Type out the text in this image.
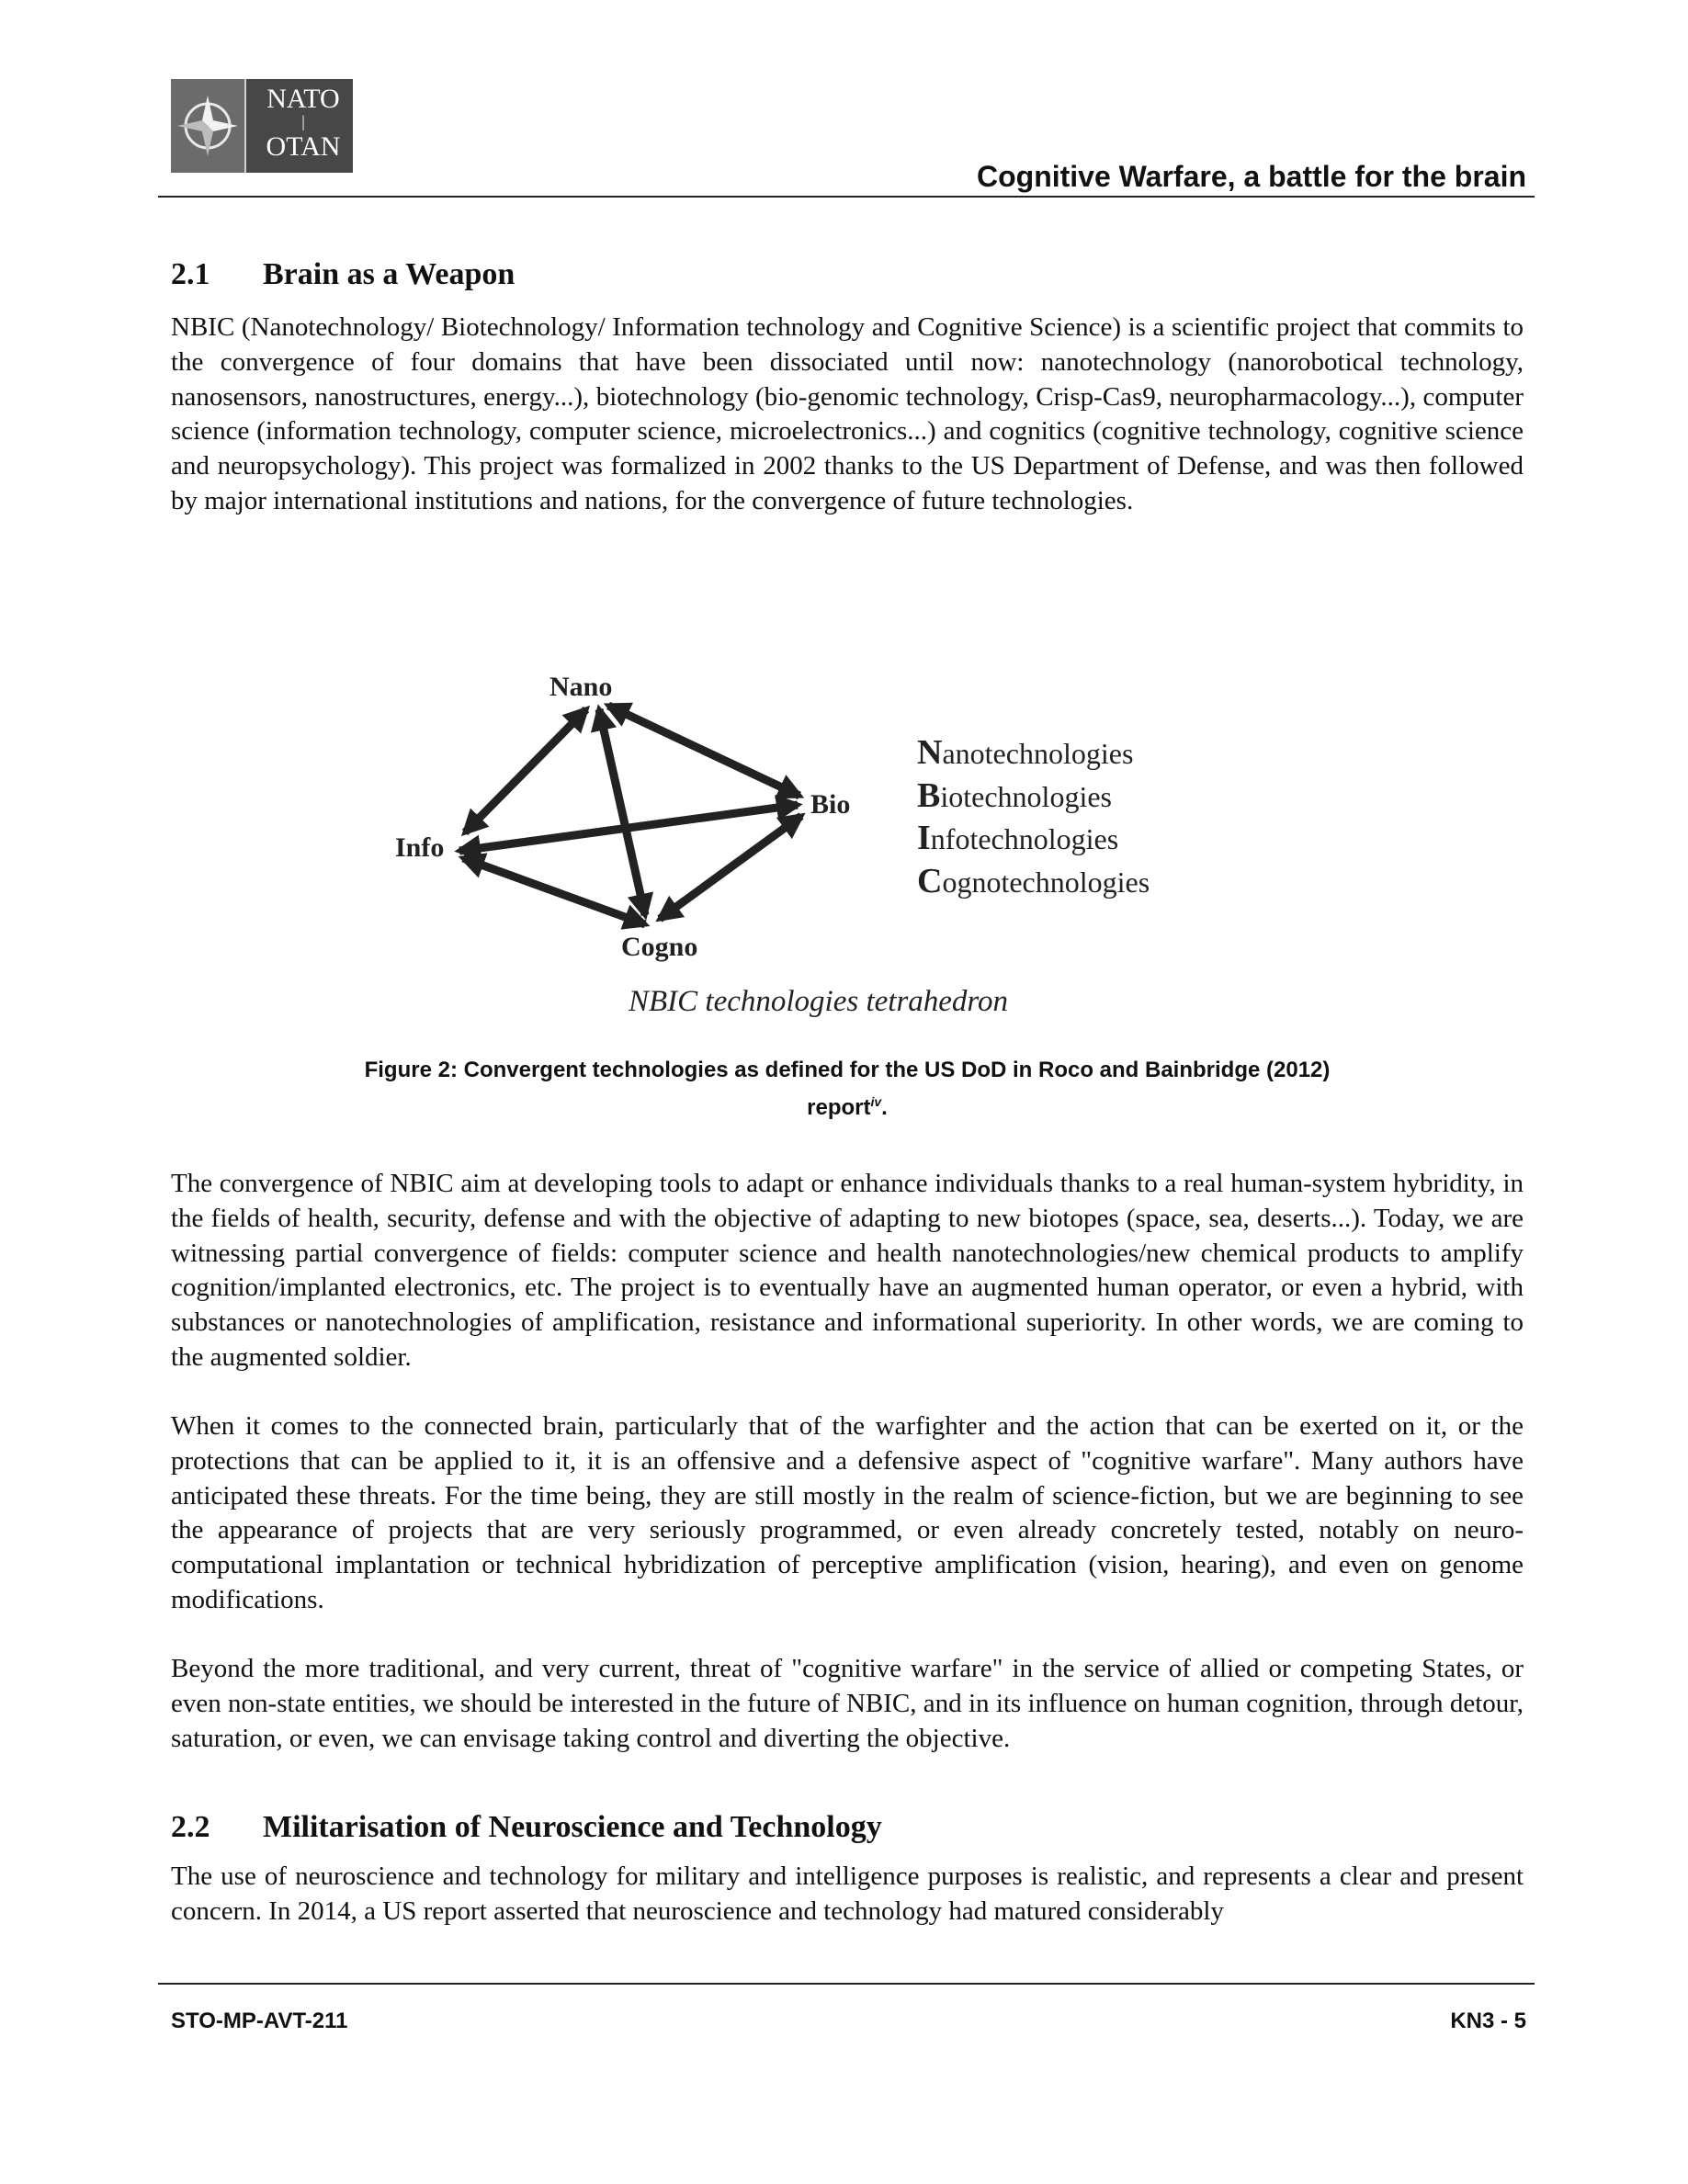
NATO
|
OTAN
Cognitive Warfare, a battle for the brain
2.1 Brain as a Weapon

NBIC (Nanotechnology/ Biotechnology/ Information technology and Cognitive Science) is a scientific project that commits to the convergence of four domains that have been dissociated until now: nanotechnology (nanorobotical technology, nanosensors, nanostructures, energy...), biotechnology (bio-genomic technology, Crisp-Cas9, neuropharmacology...), computer science (information technology, computer science, microelectronics...) and cognitics (cognitive technology, cognitive science and neuropsychology). This project was formalized in 2002 thanks to the US Department of Defense, and was then followed by major international institutions and nations, for the convergence of future technologies.

Nano
Bio
Info
Cogno
Nanotechnologies
Biotechnologies
Infotechnologies
Cognotechnologies
NBIC technologies tetrahedron
Figure 2: Convergent technologies as defined for the US DoD in Roco and Bainbridge (2012)
report$^{iv}$.

The convergence of NBIC aim at developing tools to adapt or enhance individuals thanks to a real human-system hybridity, in the fields of health, security, defense and with the objective of adapting to new biotopes (space, sea, deserts...). Today, we are witnessing partial convergence of fields: computer science and health nanotechnologies/new chemical products to amplify cognition/implanted electronics, etc. The project is to eventually have an augmented human operator, or even a hybrid, with substances or nanotechnologies of amplification, resistance and informational superiority. In other words, we are coming to the augmented soldier.

When it comes to the connected brain, particularly that of the warfighter and the action that can be exerted on it, or the protections that can be applied to it, it is an offensive and a defensive aspect of "cognitive warfare". Many authors have anticipated these threats. For the time being, they are still mostly in the realm of science-fiction, but we are beginning to see the appearance of projects that are very seriously programmed, or even already concretely tested, notably on neuro-computational implantation or technical hybridization of perceptive amplification (vision, hearing), and even on genome modifications.

Beyond the more traditional, and very current, threat of "cognitive warfare" in the service of allied or competing States, or even non-state entities, we should be interested in the future of NBIC, and in its influence on human cognition, through detour, saturation, or even, we can envisage taking control and diverting the objective.

2.2 Militarisation of Neuroscience and Technology

The use of neuroscience and technology for military and intelligence purposes is realistic, and represents a clear and present concern. In 2014, a US report asserted that neuroscience and technology had matured considerably

STO-MP-AVT-211	KN3 - 5
